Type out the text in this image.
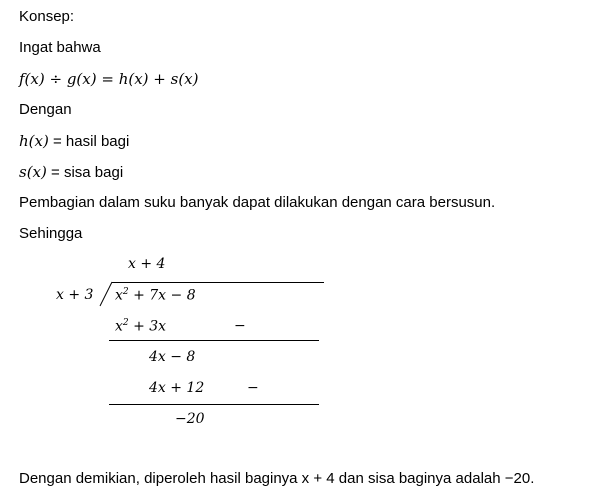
Konsep:
Ingat bahwa
f(x) ÷ g(x) = h(x) + s(x)
Dengan
h(x) = hasil bagi
s(x) = sisa bagi
Pembagian dalam suku banyak dapat dilakukan dengan cara bersusun.
Sehingga
x + 4
x + 3 $x^2 + 7x - 8$
$x^2 + 3x$	−
4x − 8
4x + 12	−
−20
Dengan demikian, diperoleh hasil baginya x + 4 dan sisa baginya adalah −20.
